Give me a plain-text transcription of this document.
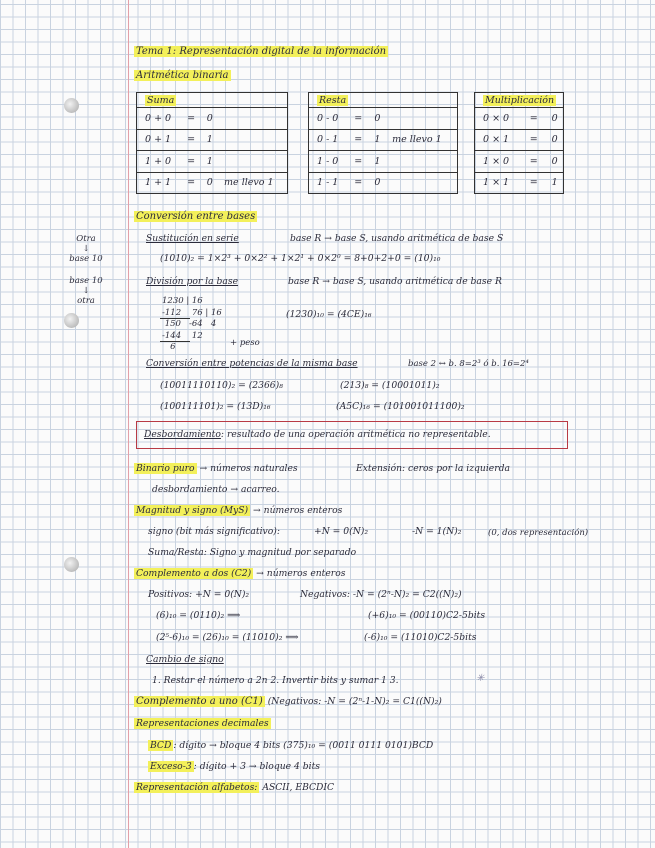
Tema 1: Representación digital de la información
Aritmética binaria
Suma			
0 + 0	=	0	
0 + 1	=	1	
1 + 0	=	1	
1 + 1	=	0	me llevo 1
Resta			
0 - 0	=	0	
0 - 1	=	1	me llevo 1
1 - 0	=	1	
1 - 1	=	0	
Multiplicación		
0 × 0	=	0
0 × 1	=	0
1 × 0	=	0
1 × 1	=	1
Conversión entre bases
Otra
↓
base 10
base 10
↓
otra
Sustitución en serie	base R → base S, usando aritmética de base S
(1010)₂ = 1×2³ + 0×2² + 1×2¹ + 0×2⁰ = 8+0+2+0 = (10)₁₀
División por la base	base R → base S, usando aritmética de base R
1230 | 16
-112    76 | 16
150   -64   4
-144    12
6	+ peso
(1230)₁₀ = (4CE)₁₆
Conversión entre potencias de la misma base	base 2 ↔ b. 8=2³ ó b. 16=2⁴
(10011110110)₂ = (2366)₈	(213)₈ = (10001011)₂
(100111101)₂ = (13D)₁₆	(A5C)₁₆ = (101001011100)₂
Desbordamiento: resultado de una operación aritmética no representable.
Binario puro → números naturales	Extensión: ceros por la izquierda
desbordamiento → acarreo.
Magnitud y signo (MyS) → números enteros
signo (bit más significativo):	+N = 0(N)₂	-N = 1(N)₂	(0, dos representación)
Suma/Resta: Signo y magnitud por separado
Complemento a dos (C2) → números enteros
Positivos: +N = 0(N)₂	Negativos: -N = (2ⁿ-N)₂ = C2((N)₂)
(6)₁₀ = (0110)₂ ⟹	(+6)₁₀ = (00110)C2-5bits
(2⁵-6)₁₀ = (26)₁₀ = (11010)₂ ⟹	(-6)₁₀ = (11010)C2-5bits
Cambio de signo
1. Restar el número a 2n 2. Invertir bits y sumar 1 3.	✳
Complemento a uno (C1) (Negativos: -N = (2ⁿ-1-N)₂ = C1((N)₂)
Representaciones decimales
BCD : dígito → bloque 4 bits (375)₁₀ = (0011 0111 0101)BCD
Exceso-3 : dígito + 3 → bloque 4 bits
Representación alfabetos: ASCII, EBCDIC
